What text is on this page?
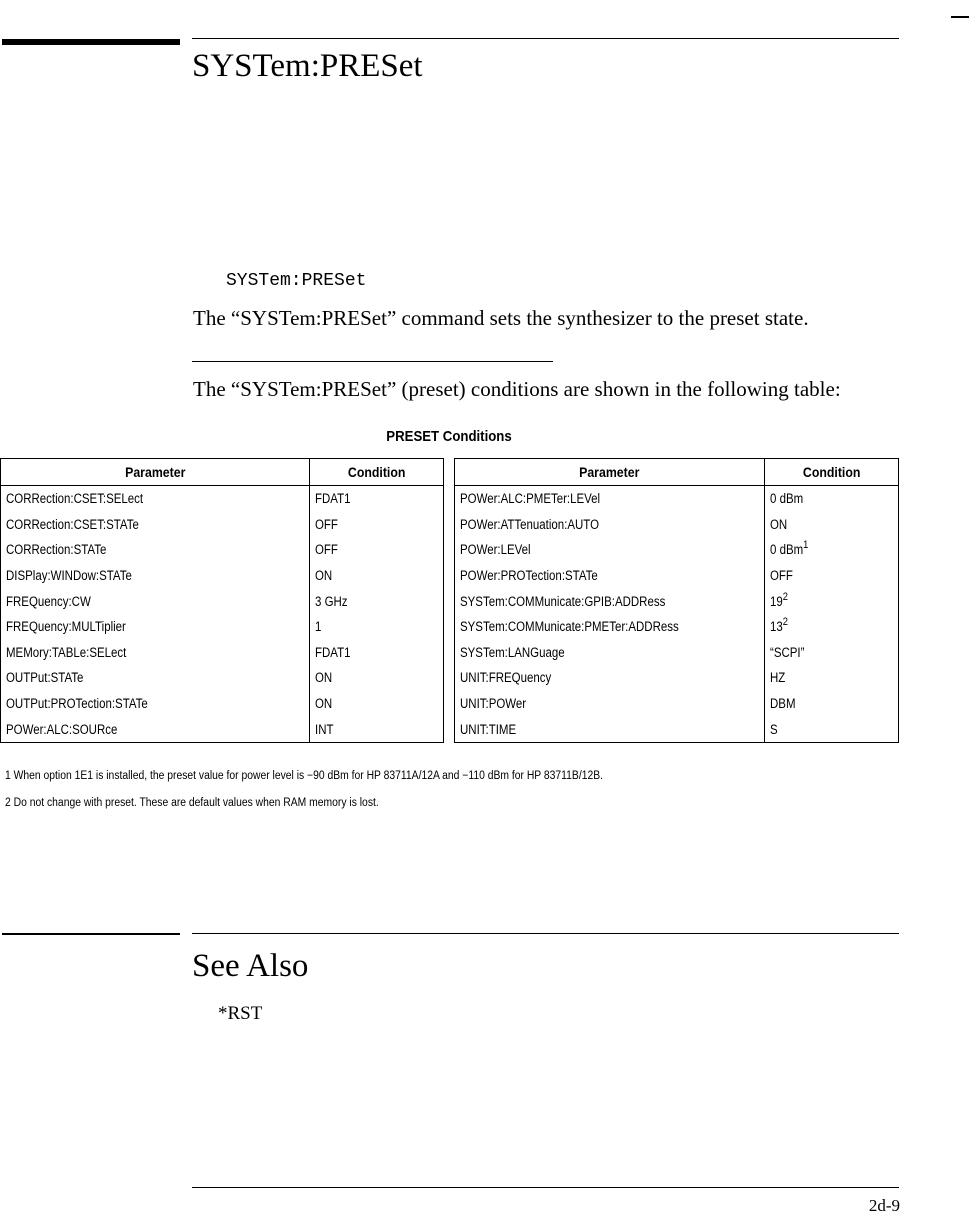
SYSTem:PRESet
SYSTem:PRESet
The “SYSTem:PRESet” command sets the synthesizer to the preset state.
The “SYSTem:PRESet” (preset) conditions are shown in the following table:
PRESET Conditions
Parameter	Condition
CORRection:CSET:SELect	FDAT1
CORRection:CSET:STATe	OFF
CORRection:STATe	OFF
DISPlay:WINDow:STATe	ON
FREQuency:CW	3 GHz
FREQuency:MULTiplier	1
MEMory:TABLe:SELect	FDAT1
OUTPut:STATe	ON
OUTPut:PROTection:STATe	ON
POWer:ALC:SOURce	INT
Parameter	Condition
POWer:ALC:PMETer:LEVel	0 dBm
POWer:ATTenuation:AUTO	ON
POWer:LEVel	0 dBm$^1$
POWer:PROTection:STATe	OFF
SYSTem:COMMunicate:GPIB:ADDRess	$19^2$
SYSTem:COMMunicate:PMETer:ADDRess	$13^2$
SYSTem:LANGuage	“SCPI”
UNIT:FREQuency	HZ
UNIT:POWer	DBM
UNIT:TIME	S
1 When option 1E1 is installed, the preset value for power level is −90 dBm for HP 83711A/12A and −110 dBm for HP 83711B/12B.
2 Do not change with preset. These are default values when RAM memory is lost.
See Also
*RST
2d-9
